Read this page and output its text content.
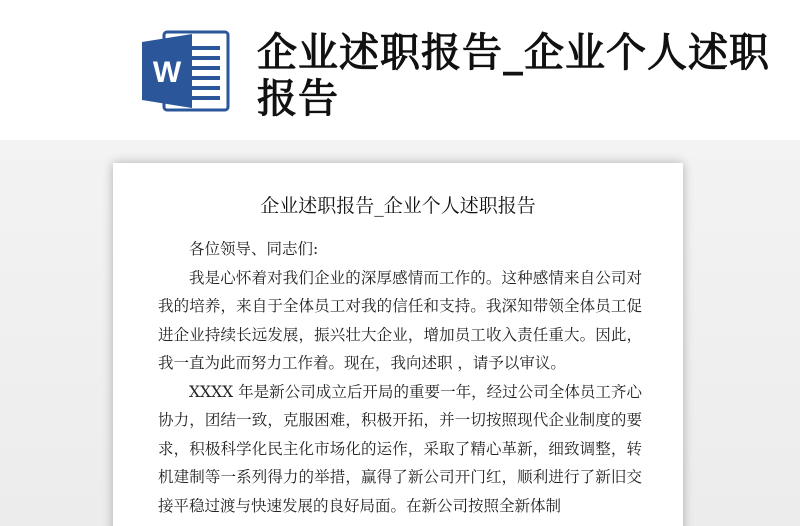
W 企业述职报告_企业个人述职报告
企业述职报告_企业个人述职报告

各位领导、同志们:

我是心怀着对我们企业的深厚感情而工作的。这种感情来自公司对我的培养，来自于全体员工对我的信任和支持。我深知带领全体员工促进企业持续长远发展，振兴壮大企业，增加员工收入责任重大。因此，我一直为此而努力工作着。现在，我向述职 ，请予以审议。

XXXX 年是新公司成立后开局的重要一年，经过公司全体员工齐心协力，团结一致，克服困难，积极开拓，并一切按照现代企业制度的要求，积极科学化民主化市场化的运作，采取了精心革新，细致调整，转机建制等一系列得力的举措，赢得了新公司开门红，顺利进行了新旧交接平稳过渡与快速发展的良好局面。在新公司按照全新体制
